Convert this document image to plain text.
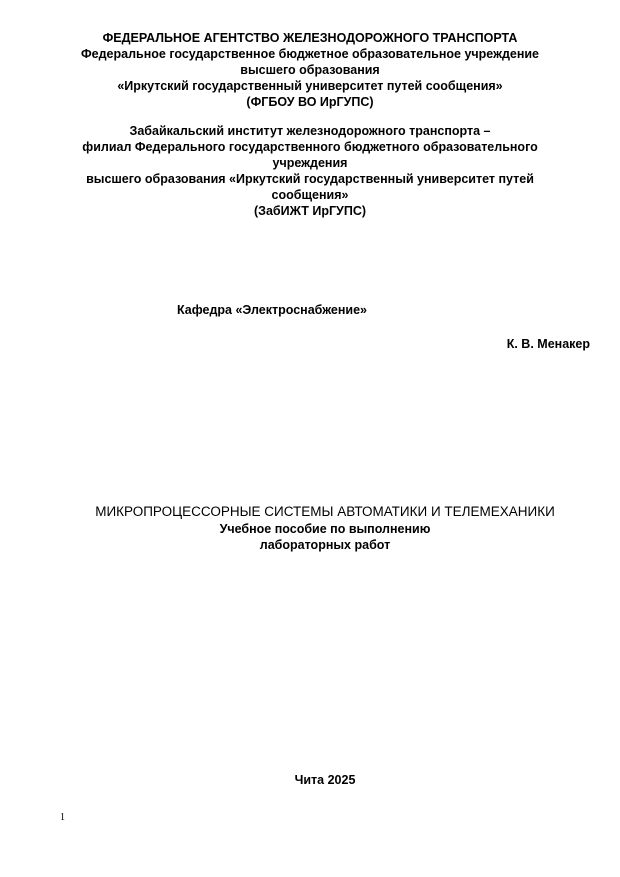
ФЕДЕРАЛЬНОЕ АГЕНТСТВО ЖЕЛЕЗНОДОРОЖНОГО ТРАНСПОРТА
Федеральное государственное бюджетное образовательное учреждение
высшего образования
«Иркутский государственный университет путей сообщения»
(ФГБОУ ВО ИрГУПС)
Забайкальский институт железнодорожного транспорта –
филиал Федерального государственного бюджетного образовательного
учреждения
высшего образования «Иркутский государственный университет путей
сообщения»
(ЗабИЖТ ИрГУПС)
Кафедра «Электроснабжение»
К. В. Менакер
МИКРОПРОЦЕССОРНЫЕ СИСТЕМЫ АВТОМАТИКИ И ТЕЛЕМЕХАНИКИ
Учебное пособие по выполнению
лабораторных работ
Чита 2025
1
